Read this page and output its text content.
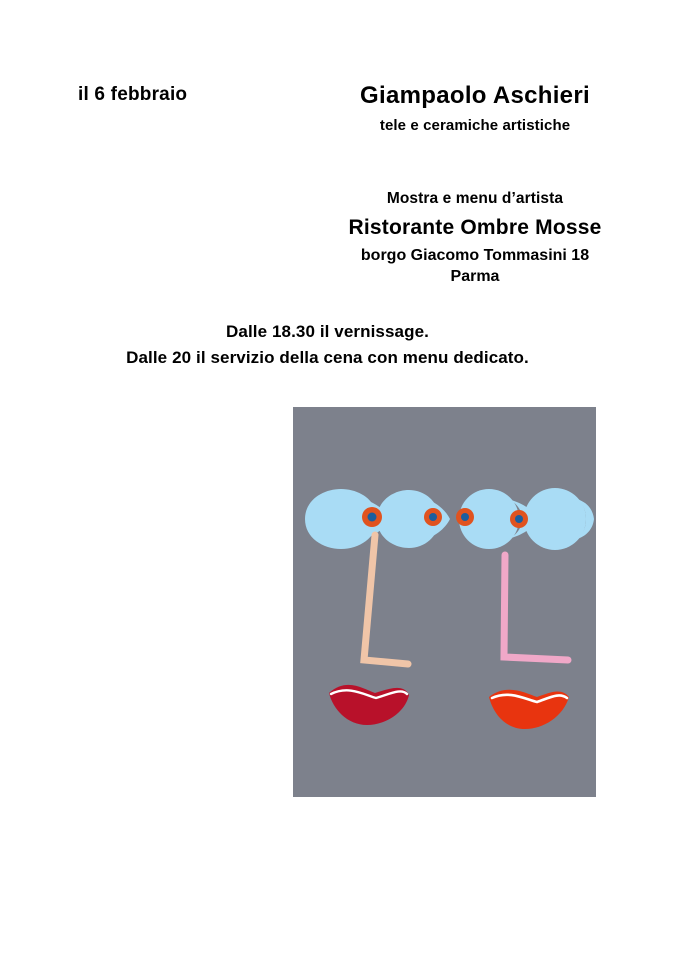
il 6 febbraio	Giampaolo Aschieri
tele e ceramiche artistiche
Mostra e menu d’artista
Ristorante Ombre Mosse
borgo Giacomo Tommasini 18
Parma
Dalle 18.30 il vernissage.
Dalle 20 il servizio della cena con menu dedicato.
